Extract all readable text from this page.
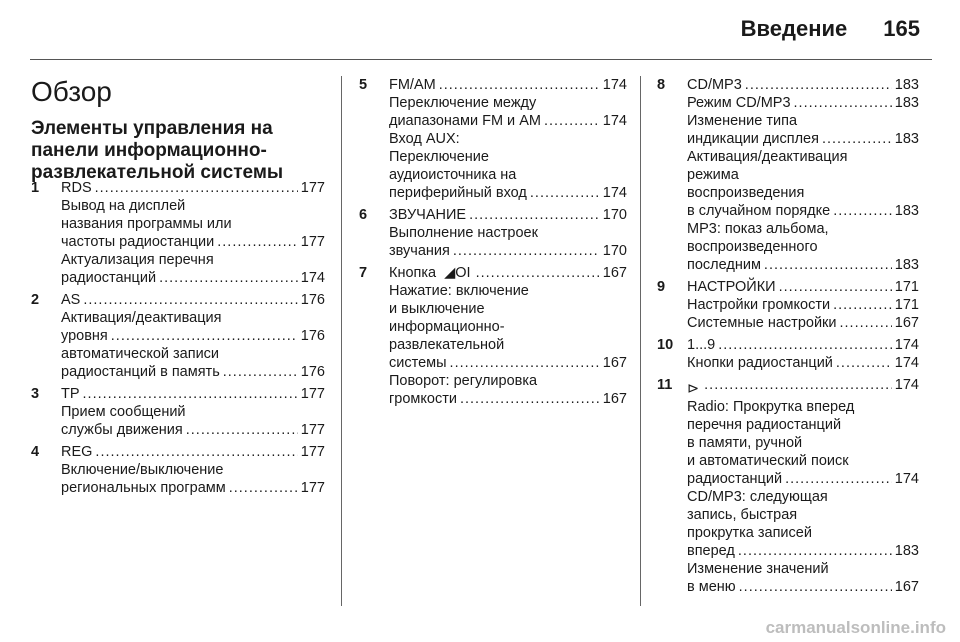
Введение 165
Обзор
Элементы управления на панели информационно-развлекательной системы
1 RDS .....	177
Вывод на дисплей
названия программы или
частоты радиостанции .....	177
Актуализация перечня
радиостанций .....	174
2 AS .....	176
Активация/деактивация
уровня .....	176
автоматической записи
радиостанций в память .....	176
3 TP .....	177
Прием сообщений
службы движения .....	177
4 REG .....	177
Включение/выключение
региональных программ .....	177
5 FM/AM .....	174
Переключение между
диапазонами FM и AM .....	174
Вход AUX:
Переключение
аудиоисточника на
периферийный вход .....	174
6 ЗВУЧАНИЕ .....	170
Выполнение настроек
звучания .....	170
7 Кнопка ◢OI .....	167
Нажатие: включение
и выключение
информационно-
развлекательной
системы .....	167
Поворот: регулировка
громкости .....	167
8 CD/MP3 .....	183
Режим CD/MP3 .....	183
Изменение типа
индикации дисплея .....	183
Активация/деактивация
режима
воспроизведения
в случайном порядке .....	183
MP3: показ альбома,
воспроизведенного
последним .....	183
9 НАСТРОЙКИ .....	171
Настройки громкости .....	171
Системные настройки .....	167
10 1...9 .....	174
Кнопки радиостанций .....	174
11 ⊳ .....	174
Radio: Прокрутка вперед
перечня радиостанций
в памяти, ручной
и автоматический поиск
радиостанций .....	174
CD/MP3: следующая
запись, быстрая
прокрутка записей
вперед .....	183
Изменение значений
в меню .....	167
carmanualsonline.info
